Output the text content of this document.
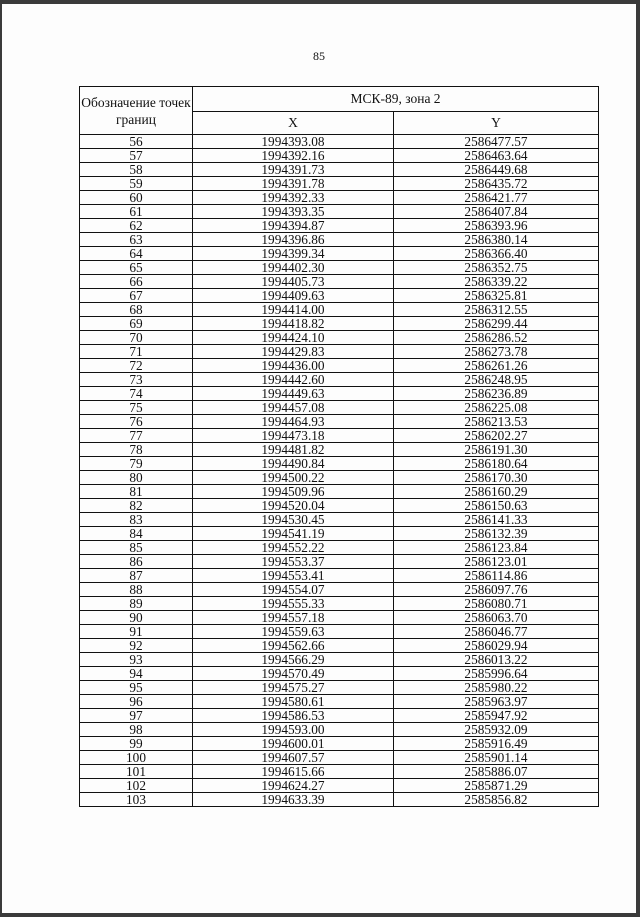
85
Обозначение точек границ	МСК-89, зона 2	
	X	Y
56	1994393.08	2586477.57
57	1994392.16	2586463.64
58	1994391.73	2586449.68
59	1994391.78	2586435.72
60	1994392.33	2586421.77
61	1994393.35	2586407.84
62	1994394.87	2586393.96
63	1994396.86	2586380.14
64	1994399.34	2586366.40
65	1994402.30	2586352.75
66	1994405.73	2586339.22
67	1994409.63	2586325.81
68	1994414.00	2586312.55
69	1994418.82	2586299.44
70	1994424.10	2586286.52
71	1994429.83	2586273.78
72	1994436.00	2586261.26
73	1994442.60	2586248.95
74	1994449.63	2586236.89
75	1994457.08	2586225.08
76	1994464.93	2586213.53
77	1994473.18	2586202.27
78	1994481.82	2586191.30
79	1994490.84	2586180.64
80	1994500.22	2586170.30
81	1994509.96	2586160.29
82	1994520.04	2586150.63
83	1994530.45	2586141.33
84	1994541.19	2586132.39
85	1994552.22	2586123.84
86	1994553.37	2586123.01
87	1994553.41	2586114.86
88	1994554.07	2586097.76
89	1994555.33	2586080.71
90	1994557.18	2586063.70
91	1994559.63	2586046.77
92	1994562.66	2586029.94
93	1994566.29	2586013.22
94	1994570.49	2585996.64
95	1994575.27	2585980.22
96	1994580.61	2585963.97
97	1994586.53	2585947.92
98	1994593.00	2585932.09
99	1994600.01	2585916.49
100	1994607.57	2585901.14
101	1994615.66	2585886.07
102	1994624.27	2585871.29
103	1994633.39	2585856.82
